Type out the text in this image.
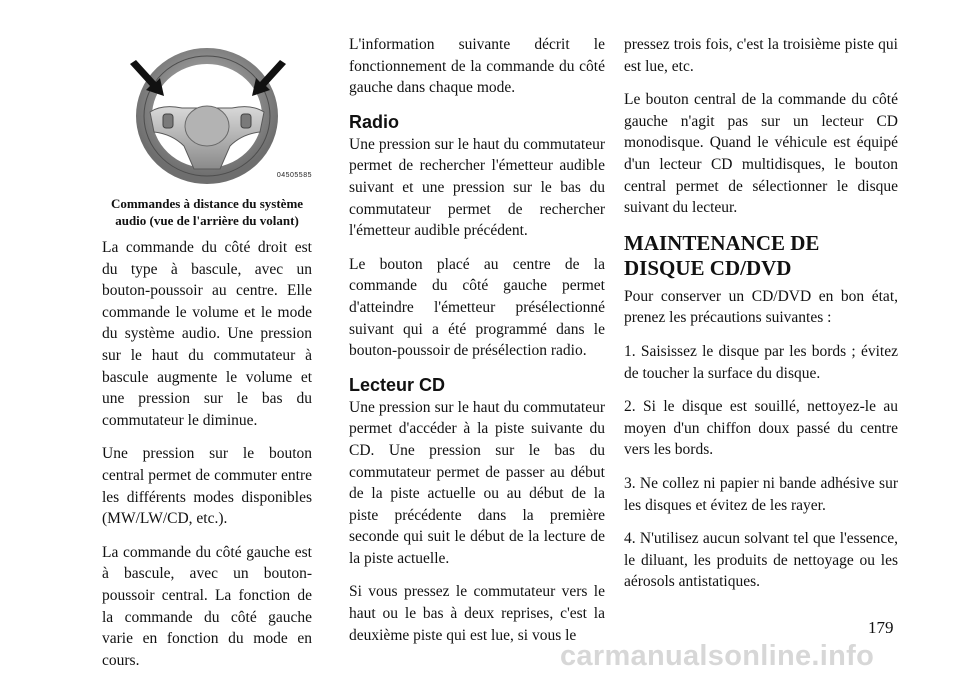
04505585
Commandes à distance du système
audio (vue de l'arrière du volant)

La commande du côté droit est du type à bascule, avec un bouton-poussoir au centre. Elle commande le volume et le mode du système audio. Une pression sur le haut du commutateur à bascule augmente le volume et une pression sur le bas du commutateur le diminue.

Une pression sur le bouton central permet de commuter entre les différents modes disponibles (MW/LW/CD, etc.).

La commande du côté gauche est à bascule, avec un bouton-poussoir central. La fonction de la commande du côté gauche varie en fonction du mode en cours.

L'information suivante décrit le fonctionnement de la commande du côté gauche dans chaque mode.

Radio

Une pression sur le haut du commutateur permet de rechercher l'émetteur audible suivant et une pression sur le bas du commutateur permet de rechercher l'émetteur audible précédent.

Le bouton placé au centre de la commande du côté gauche permet d'atteindre l'émetteur présélectionné suivant qui a été programmé dans le bouton-poussoir de présélection radio.

Lecteur CD

Une pression sur le haut du commutateur permet d'accéder à la piste suivante du CD. Une pression sur le bas du commutateur permet de passer au début de la piste actuelle ou au début de la piste précédente dans la première seconde qui suit le début de la lecture de la piste actuelle.

Si vous pressez le commutateur vers le haut ou le bas à deux reprises, c'est la deuxième piste qui est lue, si vous le

pressez trois fois, c'est la troisième piste qui est lue, etc.

Le bouton central de la commande du côté gauche n'agit pas sur un lecteur CD monodisque. Quand le véhicule est équipé d'un lecteur CD multidisques, le bouton central permet de sélectionner le disque suivant du lecteur.

MAINTENANCE DE
DISQUE CD/DVD

Pour conserver un CD/DVD en bon état, prenez les précautions suivantes :

1. Saisissez le disque par les bords ; évitez de toucher la surface du disque.

2. Si le disque est souillé, nettoyez-le au moyen d'un chiffon doux passé du centre vers les bords.

3. Ne collez ni papier ni bande adhésive sur les disques et évitez de les rayer.

4. N'utilisez aucun solvant tel que l'essence, le diluant, les produits de nettoyage ou les aérosols antistatiques.

179
carmanualsonline.info
